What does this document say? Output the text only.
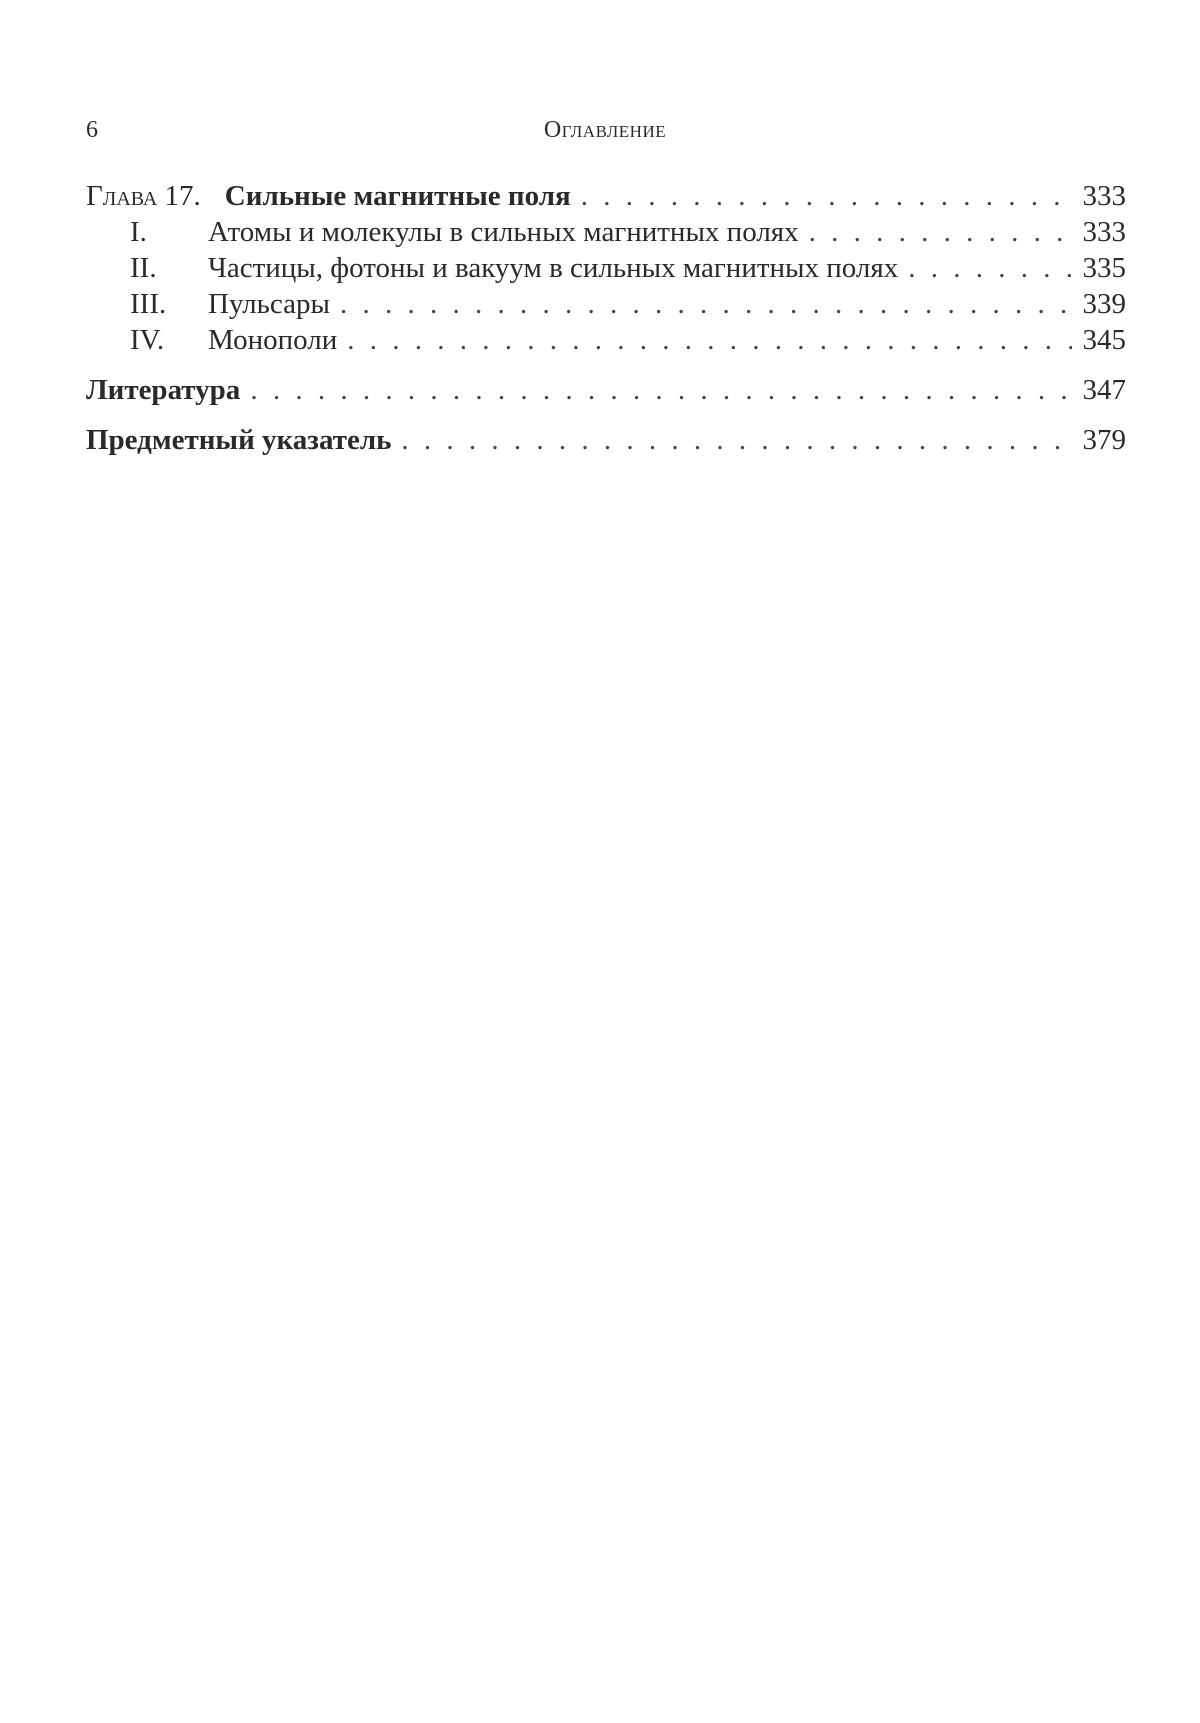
6	Оглавление
Глава 17. Сильные магнитные поля . . .	333
I.	Атомы и молекулы в сильных магнитных полях . . .	333
II.	Частицы, фотоны и вакуум в сильных магнитных полях . . .	335
III.	Пульсары . . .	339
IV.	Монополи . . .	345
Литература . . .	347
Предметный указатель . . .	379
